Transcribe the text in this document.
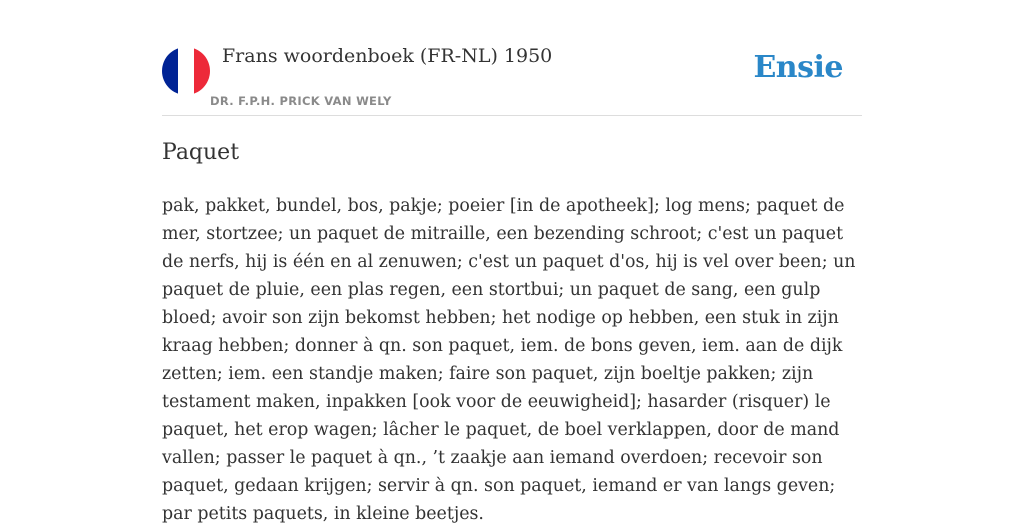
Frans woordenboek (FR-NL) 1950
DR. F.P.H. PRICK VAN WELY
Ensie
Paquet

pak, pakket, bundel, bos, pakje; poeier [in de apotheek]; log mens; paquet de mer, stortzee; un paquet de mitraille, een bezending schroot; c'est un paquet de nerfs, hij is één en al zenuwen; c'est un paquet d'os, hij is vel over been; un paquet de pluie, een plas regen, een stortbui; un paquet de sang, een gulp bloed; avoir son zijn bekomst hebben; het nodige op hebben, een stuk in zijn kraag hebben; donner à qn. son paquet, iem. de bons geven, iem. aan de dijk zetten; iem. een standje maken; faire son paquet, zijn boeltje pakken; zijn testament maken, inpakken [ook voor de eeuwigheid]; hasarder (risquer) le paquet, het erop wagen; lâcher le paquet, de boel verklappen, door de mand vallen; passer le paquet à qn., ’t zaakje aan iemand overdoen; recevoir son paquet, gedaan krijgen; servir à qn. son paquet, iemand er van langs geven; par petits paquets, in kleine beetjes.
